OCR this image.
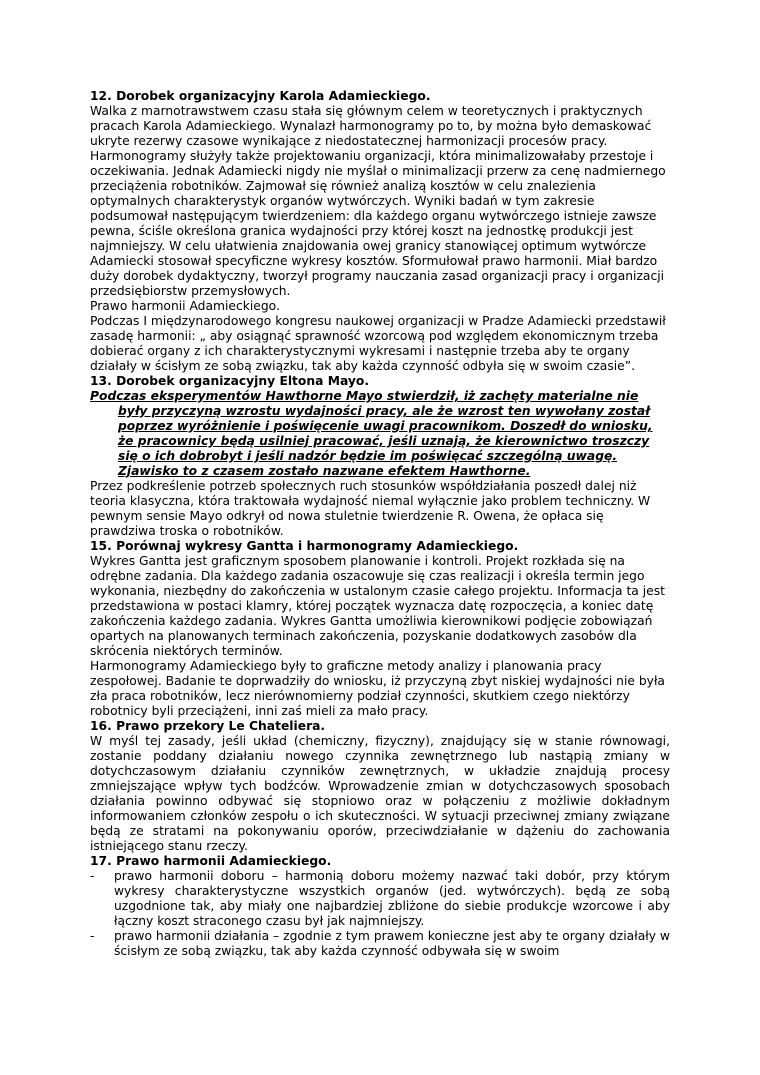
12. Dorobek organizacyjny Karola Adamieckiego.

Walka z marnotrawstwem czasu stała się głównym celem w teoretycznych i praktycznych pracach Karola Adamieckiego. Wynalazł harmonogramy po to, by można było demaskować ukryte rezerwy czasowe wynikające z niedostatecznej harmonizacji procesów pracy. Harmonogramy służyły także projektowaniu organizacji, która minimalizowałaby przestoje i oczekiwania. Jednak Adamiecki nigdy nie myślał o minimalizacji przerw za cenę nadmiernego przeciążenia robotników. Zajmował się również analizą kosztów w celu znalezienia optymalnych charakterystyk organów wytwórczych. Wyniki badań w tym zakresie podsumował następującym twierdzeniem: dla każdego organu wytwórczego istnieje zawsze pewna, ściśle określona granica wydajności przy której koszt na jednostkę produkcji jest najmniejszy. W celu ułatwienia znajdowania owej granicy stanowiącej optimum wytwórcze Adamiecki stosował specyficzne wykresy kosztów. Sformułował prawo harmonii. Miał bardzo duży dorobek dydaktyczny, tworzył programy nauczania zasad organizacji pracy i organizacji przedsiębiorstw przemysłowych.

Prawo harmonii Adamieckiego.

Podczas I międzynarodowego kongresu naukowej organizacji w Pradze Adamiecki przedstawił zasadę harmonii: „ aby osiągnąć sprawność wzorcową pod względem ekonomicznym trzeba dobierać organy z ich charakterystycznymi wykresami i następnie trzeba aby te organy działały w ścisłym ze sobą związku, tak aby każda czynność odbyła się w swoim czasie”.

13. Dorobek organizacyjny Eltona Mayo.

Podczas eksperymentów Hawthorne Mayo stwierdził, iż zachęty materialne nie były przyczyną wzrostu wydajności pracy, ale że wzrost ten wywołany został poprzez wyróżnienie i poświęcenie uwagi pracownikom. Doszedł do wniosku, że pracownicy będą usilniej pracować, jeśli uznają, że kierownictwo troszczy się o ich dobrobyt i jeśli nadzór będzie im poświęcać szczególną uwagę. Zjawisko to z czasem zostało nazwane efektem Hawthorne.

Przez podkreślenie potrzeb społecznych ruch stosunków współdziałania poszedł dalej niż teoria klasyczna, która traktowała wydajność niemal wyłącznie jako problem techniczny. W pewnym sensie Mayo odkrył od nowa stuletnie twierdzenie R. Owena, że opłaca się prawdziwa troska o robotników.

15. Porównaj wykresy Gantta i harmonogramy Adamieckiego.

Wykres Gantta jest graficznym sposobem planowanie i kontroli. Projekt rozkłada się na odrębne zadania. Dla każdego zadania oszacowuje się czas realizacji i określa termin jego wykonania, niezbędny do zakończenia w ustalonym czasie całego projektu. Informacja ta jest przedstawiona w postaci klamry, której początek wyznacza datę rozpoczęcia, a koniec datę zakończenia każdego zadania. Wykres Gantta umożliwia kierownikowi podjęcie zobowiązań opartych na planowanych terminach zakończenia, pozyskanie dodatkowych zasobów dla skrócenia niektórych terminów.

Harmonogramy Adamieckiego były to graficzne metody analizy i planowania pracy zespołowej. Badanie te doprwadziły do wniosku, iż przyczyną zbyt niskiej wydajności nie była zła praca robotników, lecz nierównomierny podział czynności, skutkiem czego niektórzy robotnicy byli przeciążeni, inni zaś mieli za mało pracy.

16. Prawo przekory Le Chateliera.

W myśl tej zasady, jeśli układ (chemiczny, fizyczny), znajdujący się w stanie równowagi, zostanie poddany działaniu nowego czynnika zewnętrznego lub nastąpią zmiany w dotychczasowym działaniu czynników zewnętrznych, w układzie znajdują procesy zmniejszające wpływ tych bodźców. Wprowadzenie zmian w dotychczasowych sposobach działania powinno odbywać się stopniowo oraz w połączeniu z możliwie dokładnym informowaniem członków zespołu o ich skuteczności. W sytuacji przeciwnej zmiany związane będą ze stratami na pokonywaniu oporów, przeciwdziałanie w dążeniu do zachowania istniejącego stanu rzeczy.

17. Prawo harmonii Adamieckiego.
- prawo harmonii doboru – harmonią doboru możemy nazwać taki dobór, przy którym wykresy charakterystyczne wszystkich organów (jed. wytwórczych). będą ze sobą uzgodnione tak, aby miały one najbardziej zbliżone do siebie produkcje wzorcowe i aby łączny koszt straconego czasu był jak najmniejszy.
- prawo harmonii działania – zgodnie z tym prawem konieczne jest aby te organy działały w ścisłym ze sobą związku, tak aby każda czynność odbywała się w swoim
